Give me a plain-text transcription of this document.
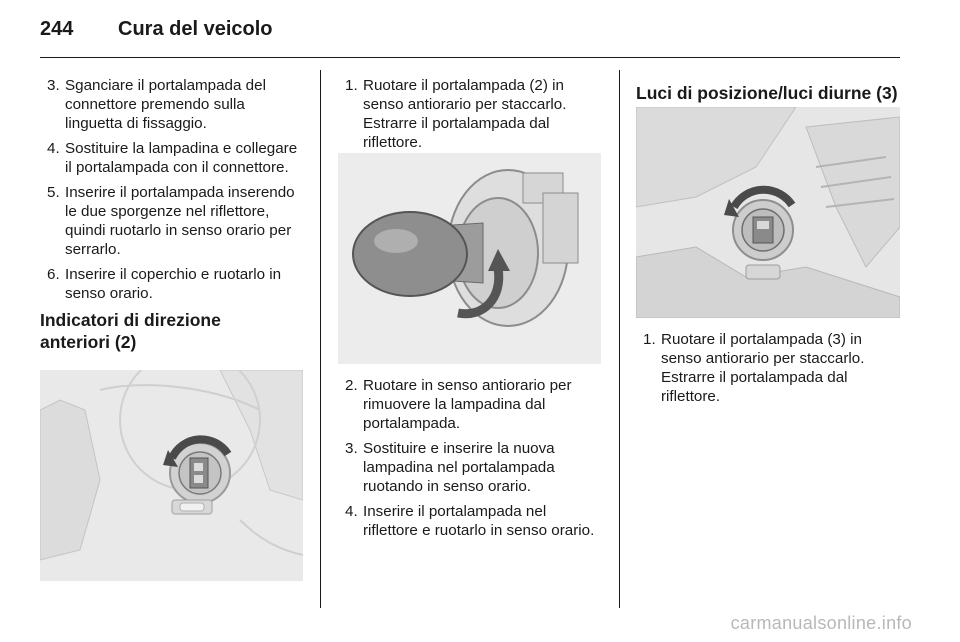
244	Cura del veicolo
3. Sganciare il portalampada del connettore premendo sulla linguetta di fissaggio.
4. Sostituire la lampadina e collegare il portalampada con il connettore.
5. Inserire il portalampada inserendo le due sporgenze nel riflettore, quindi ruotarlo in senso orario per serrarlo.
6. Inserire il coperchio e ruotarlo in senso orario.
Indicatori di direzione
anteriori (2)
1. Ruotare il portalampada (2) in senso antiorario per staccarlo. Estrarre il portalampada dal riflettore.
2. Ruotare in senso antiorario per rimuovere la lampadina dal portalampada.
3. Sostituire e inserire la nuova lampadina nel portalampada ruotando in senso orario.
4. Inserire il portalampada nel riflettore e ruotarlo in senso orario.
Luci di posizione/luci diurne (3)
1. Ruotare il portalampada (3) in senso antiorario per staccarlo. Estrarre il portalampada dal riflettore.
carmanualsonline.info
